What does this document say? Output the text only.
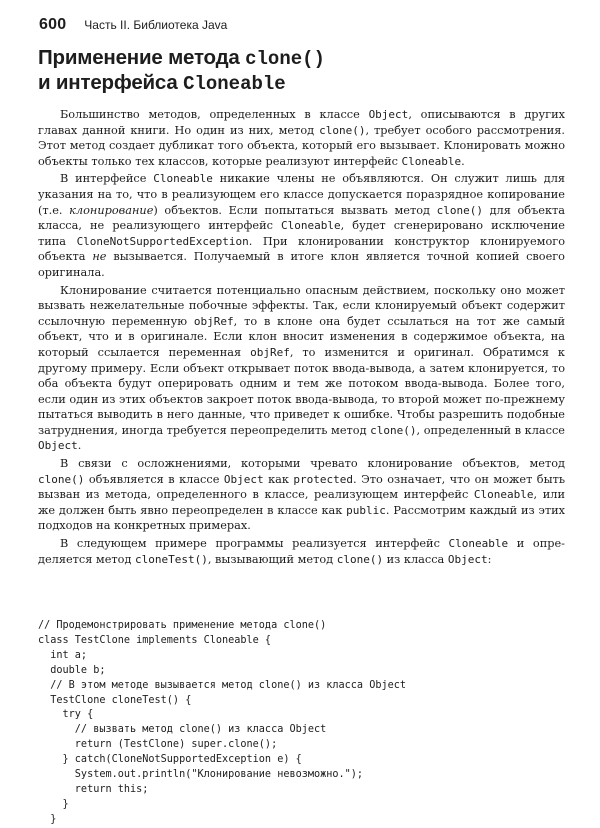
600 Часть II. Библиотека Java
Применение метода clone()
и интерфейса Cloneable

Большинство методов, определенных в классе Object, описываются в других главах данной книги. Но один из них, метод clone(), требует особого рассмотрения. Этот метод создает дубликат того объекта, который его вызывает. Клонировать можно объекты только тех классов, которые реализуют интерфейс Cloneable.

В интерфейсе Cloneable никакие члены не объявляются. Он служит лишь для указания на то, что в реализующем его классе допускается поразрядное копирование (т.е. клонирование) объектов. Если попытаться вызвать метод clone() для объекта класса, не реализующего интерфейс Cloneable, будет сгенерировано исключение типа CloneNotSupportedException. При клонировании конструктор клонируемого объекта не вызывается. Получаемый в итоге клон является точной копией своего оригинала.

Клонирование считается потенциально опасным действием, поскольку оно может вызвать нежелательные побочные эффекты. Так, если клонируемый объект содержит ссылочную переменную objRef, то в клоне она будет ссылаться на тот же самый объект, что и в оригинале. Если клон вносит изменения в содержимое объекта, на который ссылается переменная objRef, то изменится и оригинал. Обратимся к другому примеру. Если объект открывает поток ввода-вывода, а затем клонируется, то оба объекта будут оперировать одним и тем же потоком ввода-вывода. Более того, если один из этих объектов закроет поток ввода-вывода, то второй может по-прежнему пытаться выводить в него данные, что приведет к ошибке. Чтобы разрешить подобные затруднения, иногда требуется переопределить метод clone(), определенный в классе Object.

В связи с осложнениями, которыми чревато клонирование объектов, метод clone() объявляется в классе Object как protected. Это означает, что он может быть вызван из метода, определенного в классе, реализующем интерфейс Cloneable, или же должен быть явно переопределен в классе как public. Рассмотрим каждый из этих подходов на конкретных примерах.

В следующем примере программы реализуется интерфейс Cloneable и определяется метод cloneTest(), вызывающий метод clone() из класса Object:

// Продемонстрировать применение метода clone()
class TestClone implements Cloneable {
int a;
double b;
// В этом методе вызывается метод clone() из класса Object
TestClone cloneTest() {
try {
// вызвать метод clone() из класса Object
return (TestClone) super.clone();
} catch(CloneNotSupportedException e) {
System.out.println("Клонирование невозможно.");
return this;
}
}
